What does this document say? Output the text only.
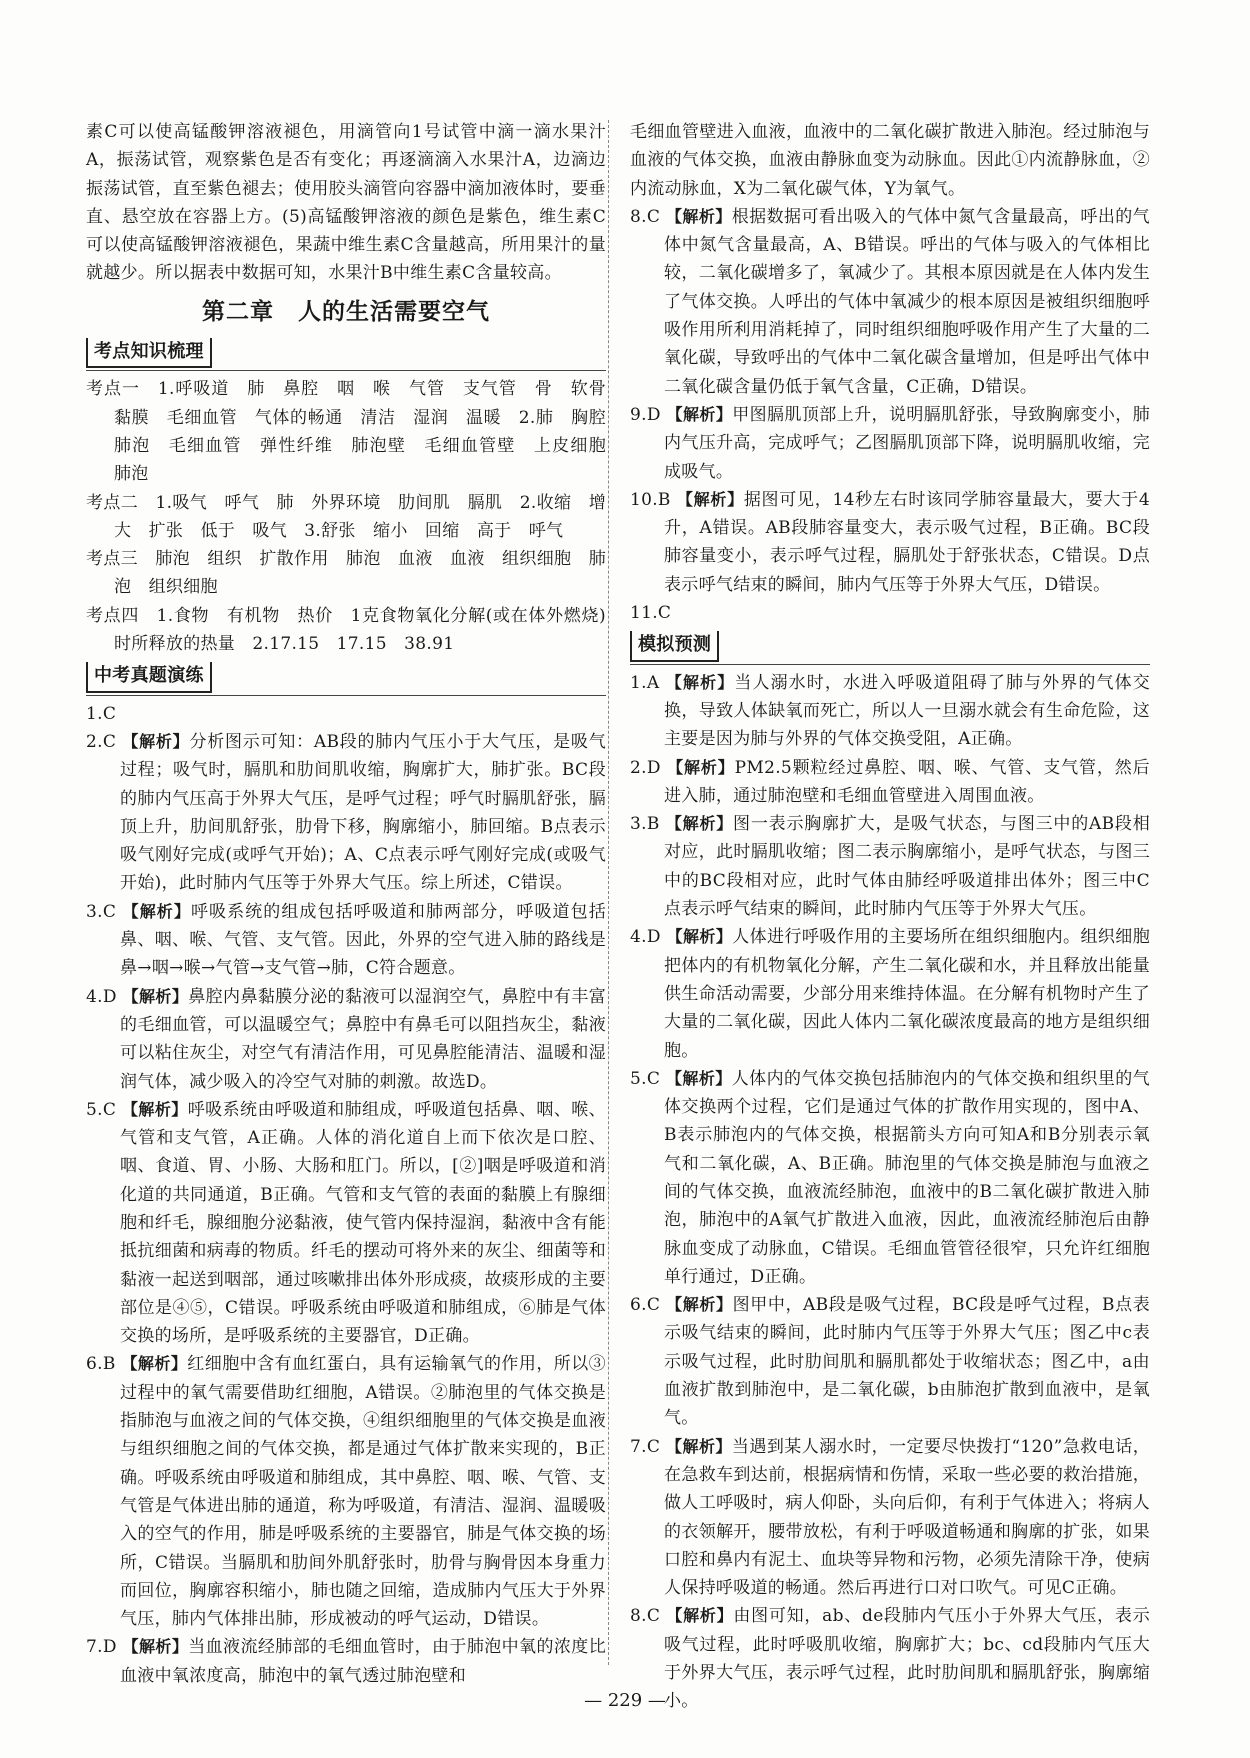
素C可以使高锰酸钾溶液褪色，用滴管向1号试管中滴一滴水果汁A，振荡试管，观察紫色是否有变化；再逐滴滴入水果汁A，边滴边振荡试管，直至紫色褪去；使用胶头滴管向容器中滴加液体时，要垂直、悬空放在容器上方。(5)高锰酸钾溶液的颜色是紫色，维生素C可以使高锰酸钾溶液褪色，果蔬中维生素C含量越高，所用果汁的量就越少。所以据表中数据可知，水果汁B中维生素C含量较高。

第二章　人的生活需要空气
考点知识梳理

考点一　1.呼吸道　肺　鼻腔　咽　喉　气管　支气管　骨　软骨　黏膜　毛细血管　气体的畅通　清洁　湿润　温暖　2.肺　胸腔　肺泡　毛细血管　弹性纤维　肺泡壁　毛细血管壁　上皮细胞　肺泡

考点二　1.吸气　呼气　肺　外界环境　肋间肌　膈肌　2.收缩　增大　扩张　低于　吸气　3.舒张　缩小　回缩　高于　呼气

考点三　肺泡　组织　扩散作用　肺泡　血液　血液　组织细胞　肺泡　组织细胞

考点四　1.食物　有机物　热价　1克食物氧化分解(或在体外燃烧)时所释放的热量　2.17.15　17.15　38.91

中考真题演练

1.C

2.C 【解析】分析图示可知：AB段的肺内气压小于大气压，是吸气过程；吸气时，膈肌和肋间肌收缩，胸廓扩大，肺扩张。BC段的肺内气压高于外界大气压，是呼气过程；呼气时膈肌舒张，膈顶上升，肋间肌舒张，肋骨下移，胸廓缩小，肺回缩。B点表示吸气刚好完成(或呼气开始)；A、C点表示呼气刚好完成(或吸气开始)，此时肺内气压等于外界大气压。综上所述，C错误。

3.C 【解析】呼吸系统的组成包括呼吸道和肺两部分，呼吸道包括鼻、咽、喉、气管、支气管。因此，外界的空气进入肺的路线是鼻→咽→喉→气管→支气管→肺，C符合题意。

4.D 【解析】鼻腔内鼻黏膜分泌的黏液可以湿润空气，鼻腔中有丰富的毛细血管，可以温暖空气；鼻腔中有鼻毛可以阻挡灰尘，黏液可以粘住灰尘，对空气有清洁作用，可见鼻腔能清洁、温暖和湿润气体，减少吸入的冷空气对肺的刺激。故选D。

5.C 【解析】呼吸系统由呼吸道和肺组成，呼吸道包括鼻、咽、喉、气管和支气管，A正确。人体的消化道自上而下依次是口腔、咽、食道、胃、小肠、大肠和肛门。所以，[②]咽是呼吸道和消化道的共同通道，B正确。气管和支气管的表面的黏膜上有腺细胞和纤毛，腺细胞分泌黏液，使气管内保持湿润，黏液中含有能抵抗细菌和病毒的物质。纤毛的摆动可将外来的灰尘、细菌等和黏液一起送到咽部，通过咳嗽排出体外形成痰，故痰形成的主要部位是④⑤，C错误。呼吸系统由呼吸道和肺组成，⑥肺是气体交换的场所，是呼吸系统的主要器官，D正确。

6.B 【解析】红细胞中含有血红蛋白，具有运输氧气的作用，所以③过程中的氧气需要借助红细胞，A错误。②肺泡里的气体交换是指肺泡与血液之间的气体交换，④组织细胞里的气体交换是血液与组织细胞之间的气体交换，都是通过气体扩散来实现的，B正确。呼吸系统由呼吸道和肺组成，其中鼻腔、咽、喉、气管、支气管是气体进出肺的通道，称为呼吸道，有清洁、湿润、温暖吸入的空气的作用，肺是呼吸系统的主要器官，肺是气体交换的场所，C错误。当膈肌和肋间外肌舒张时，肋骨与胸骨因本身重力而回位，胸廓容积缩小，肺也随之回缩，造成肺内气压大于外界气压，肺内气体排出肺，形成被动的呼气运动，D错误。

7.D 【解析】当血液流经肺部的毛细血管时，由于肺泡中氧的浓度比血液中氧浓度高，肺泡中的氧气透过肺泡壁和

毛细血管壁进入血液，血液中的二氧化碳扩散进入肺泡。经过肺泡与血液的气体交换，血液由静脉血变为动脉血。因此①内流静脉血，②内流动脉血，X为二氧化碳气体，Y为氧气。

8.C 【解析】根据数据可看出吸入的气体中氮气含量最高，呼出的气体中氮气含量最高，A、B错误。呼出的气体与吸入的气体相比较，二氧化碳增多了，氧减少了。其根本原因就是在人体内发生了气体交换。人呼出的气体中氧减少的根本原因是被组织细胞呼吸作用所利用消耗掉了，同时组织细胞呼吸作用产生了大量的二氧化碳，导致呼出的气体中二氧化碳含量增加，但是呼出气体中二氧化碳含量仍低于氧气含量，C正确，D错误。

9.D 【解析】甲图膈肌顶部上升，说明膈肌舒张，导致胸廓变小，肺内气压升高，完成呼气；乙图膈肌顶部下降，说明膈肌收缩，完成吸气。

10.B 【解析】据图可见，14秒左右时该同学肺容量最大，要大于4升，A错误。AB段肺容量变大，表示吸气过程，B正确。BC段肺容量变小，表示呼气过程，膈肌处于舒张状态，C错误。D点表示呼气结束的瞬间，肺内气压等于外界大气压，D错误。

11.C

模拟预测

1.A 【解析】当人溺水时，水进入呼吸道阻碍了肺与外界的气体交换，导致人体缺氧而死亡，所以人一旦溺水就会有生命危险，这主要是因为肺与外界的气体交换受阻，A正确。

2.D 【解析】PM2.5颗粒经过鼻腔、咽、喉、气管、支气管，然后进入肺，通过肺泡壁和毛细血管壁进入周围血液。

3.B 【解析】图一表示胸廓扩大，是吸气状态，与图三中的AB段相对应，此时膈肌收缩；图二表示胸廓缩小，是呼气状态，与图三中的BC段相对应，此时气体由肺经呼吸道排出体外；图三中C点表示呼气结束的瞬间，此时肺内气压等于外界大气压。

4.D 【解析】人体进行呼吸作用的主要场所在组织细胞内。组织细胞把体内的有机物氧化分解，产生二氧化碳和水，并且释放出能量供生命活动需要，少部分用来维持体温。在分解有机物时产生了大量的二氧化碳，因此人体内二氧化碳浓度最高的地方是组织细胞。

5.C 【解析】人体内的气体交换包括肺泡内的气体交换和组织里的气体交换两个过程，它们是通过气体的扩散作用实现的，图中A、B表示肺泡内的气体交换，根据箭头方向可知A和B分别表示氧气和二氧化碳，A、B正确。肺泡里的气体交换是肺泡与血液之间的气体交换，血液流经肺泡，血液中的B二氧化碳扩散进入肺泡，肺泡中的A氧气扩散进入血液，因此，血液流经肺泡后由静脉血变成了动脉血，C错误。毛细血管管径很窄，只允许红细胞单行通过，D正确。

6.C 【解析】图甲中，AB段是吸气过程，BC段是呼气过程，B点表示吸气结束的瞬间，此时肺内气压等于外界大气压；图乙中c表示吸气过程，此时肋间肌和膈肌都处于收缩状态；图乙中，a由血液扩散到肺泡中，是二氧化碳，b由肺泡扩散到血液中，是氧气。

7.C 【解析】当遇到某人溺水时，一定要尽快拨打“120”急救电话，在急救车到达前，根据病情和伤情，采取一些必要的救治措施，做人工呼吸时，病人仰卧，头向后仰，有利于气体进入；将病人的衣领解开，腰带放松，有利于呼吸道畅通和胸廓的扩张，如果口腔和鼻内有泥土、血块等异物和污物，必须先清除干净，使病人保持呼吸道的畅通。然后再进行口对口吹气。可见C正确。

8.C 【解析】由图可知，ab、de段肺内气压小于外界大气压，表示吸气过程，此时呼吸肌收缩，胸廓扩大；bc、cd段肺内气压大于外界大气压，表示呼气过程，此时肋间肌和膈肌舒张，胸廓缩小。

— 229 —
